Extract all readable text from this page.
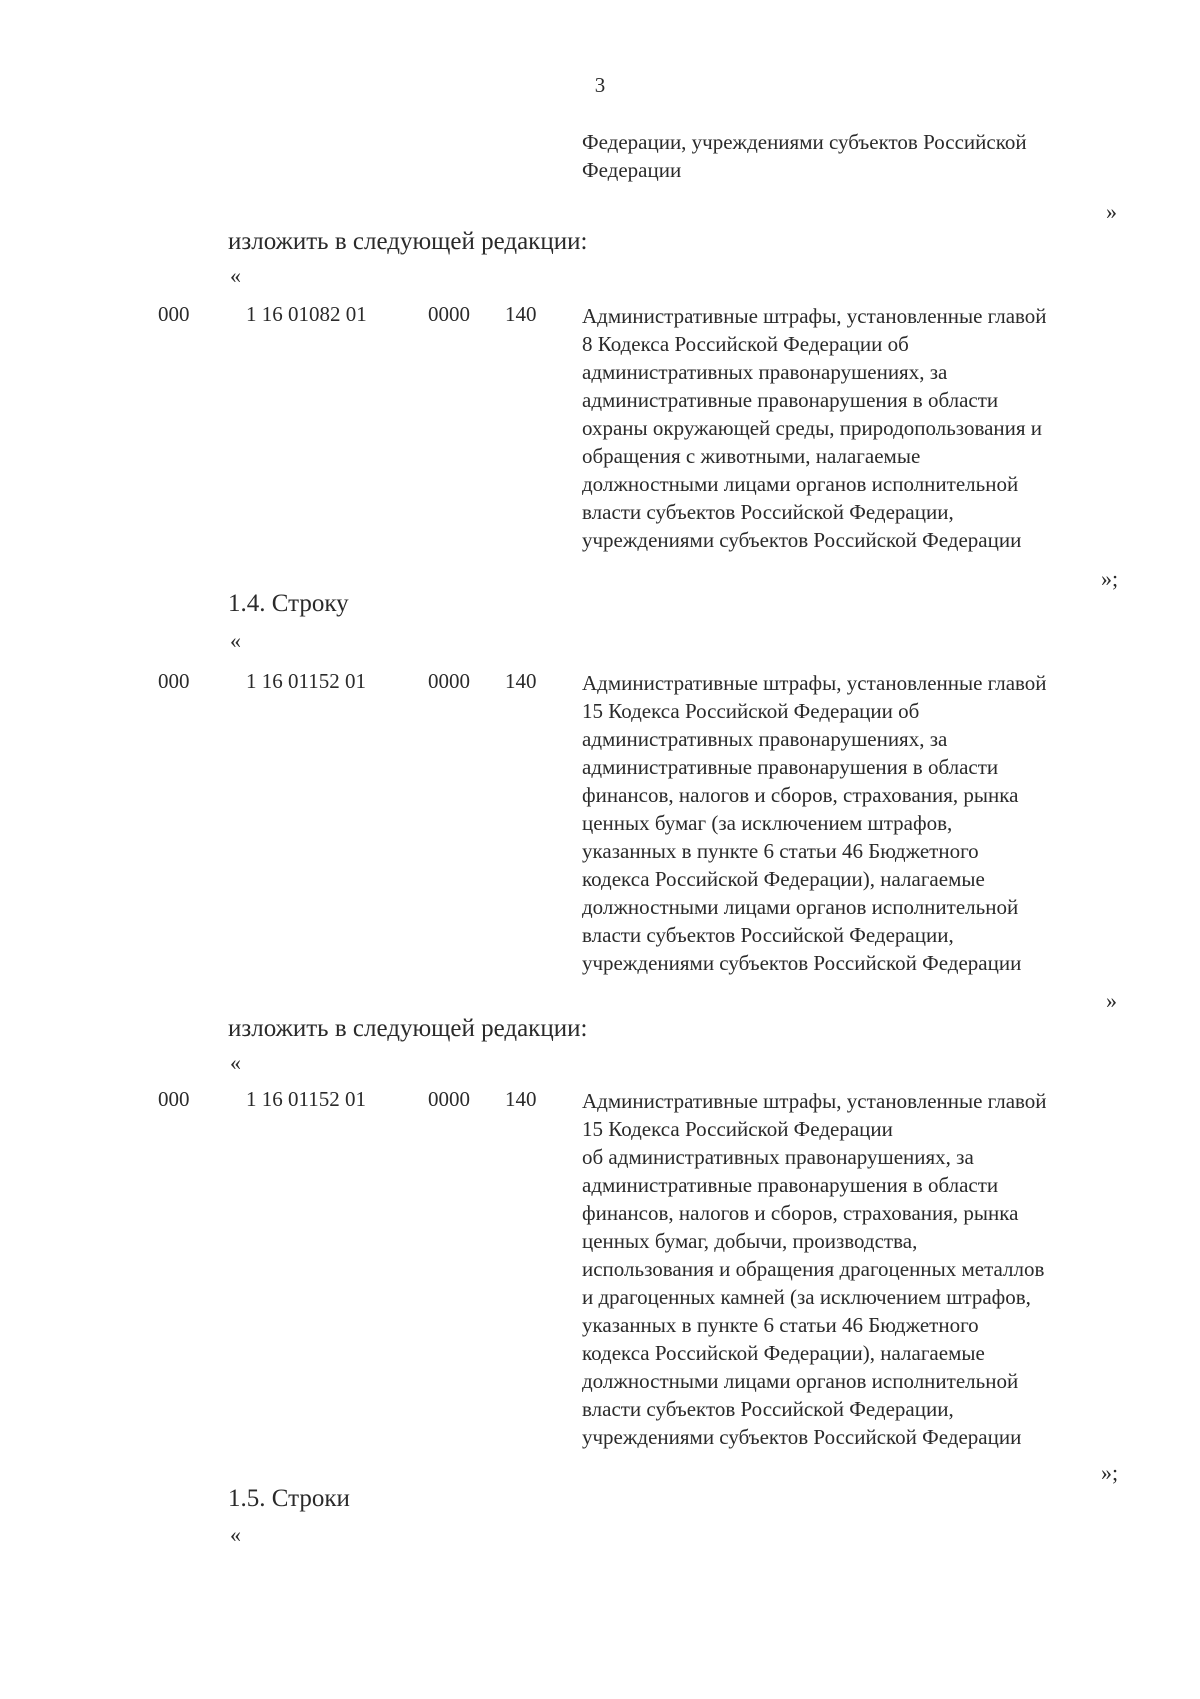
3
Федерации, учреждениями субъектов Российской
Федерации
»
изложить в следующей редакции:
«
000	1 16 01082 01	0000 140 Административные штрафы, установленные главой
8 Кодекса Российской Федерации об
административных правонарушениях, за
административные правонарушения в области
охраны окружающей среды, природопользования и
обращения с животными, налагаемые
должностными лицами органов исполнительной
власти субъектов Российской Федерации,
учреждениями субъектов Российской Федерации
»;
1.4. Строку
«
000	1 16 01152 01	0000 140 Административные штрафы, установленные главой
15 Кодекса Российской Федерации об
административных правонарушениях, за
административные правонарушения в области
финансов, налогов и сборов, страхования, рынка
ценных бумаг (за исключением штрафов,
указанных в пункте 6 статьи 46 Бюджетного
кодекса Российской Федерации), налагаемые
должностными лицами органов исполнительной
власти субъектов Российской Федерации,
учреждениями субъектов Российской Федерации
»
изложить в следующей редакции:
«
000	1 16 01152 01	0000 140 Административные штрафы, установленные главой
15 Кодекса Российской Федерации
об административных правонарушениях, за
административные правонарушения в области
финансов, налогов и сборов, страхования, рынка
ценных бумаг, добычи, производства,
использования и обращения драгоценных металлов
и драгоценных камней (за исключением штрафов,
указанных в пункте 6 статьи 46 Бюджетного
кодекса Российской Федерации), налагаемые
должностными лицами органов исполнительной
власти субъектов Российской Федерации,
учреждениями субъектов Российской Федерации
»;
1.5. Строки
«
